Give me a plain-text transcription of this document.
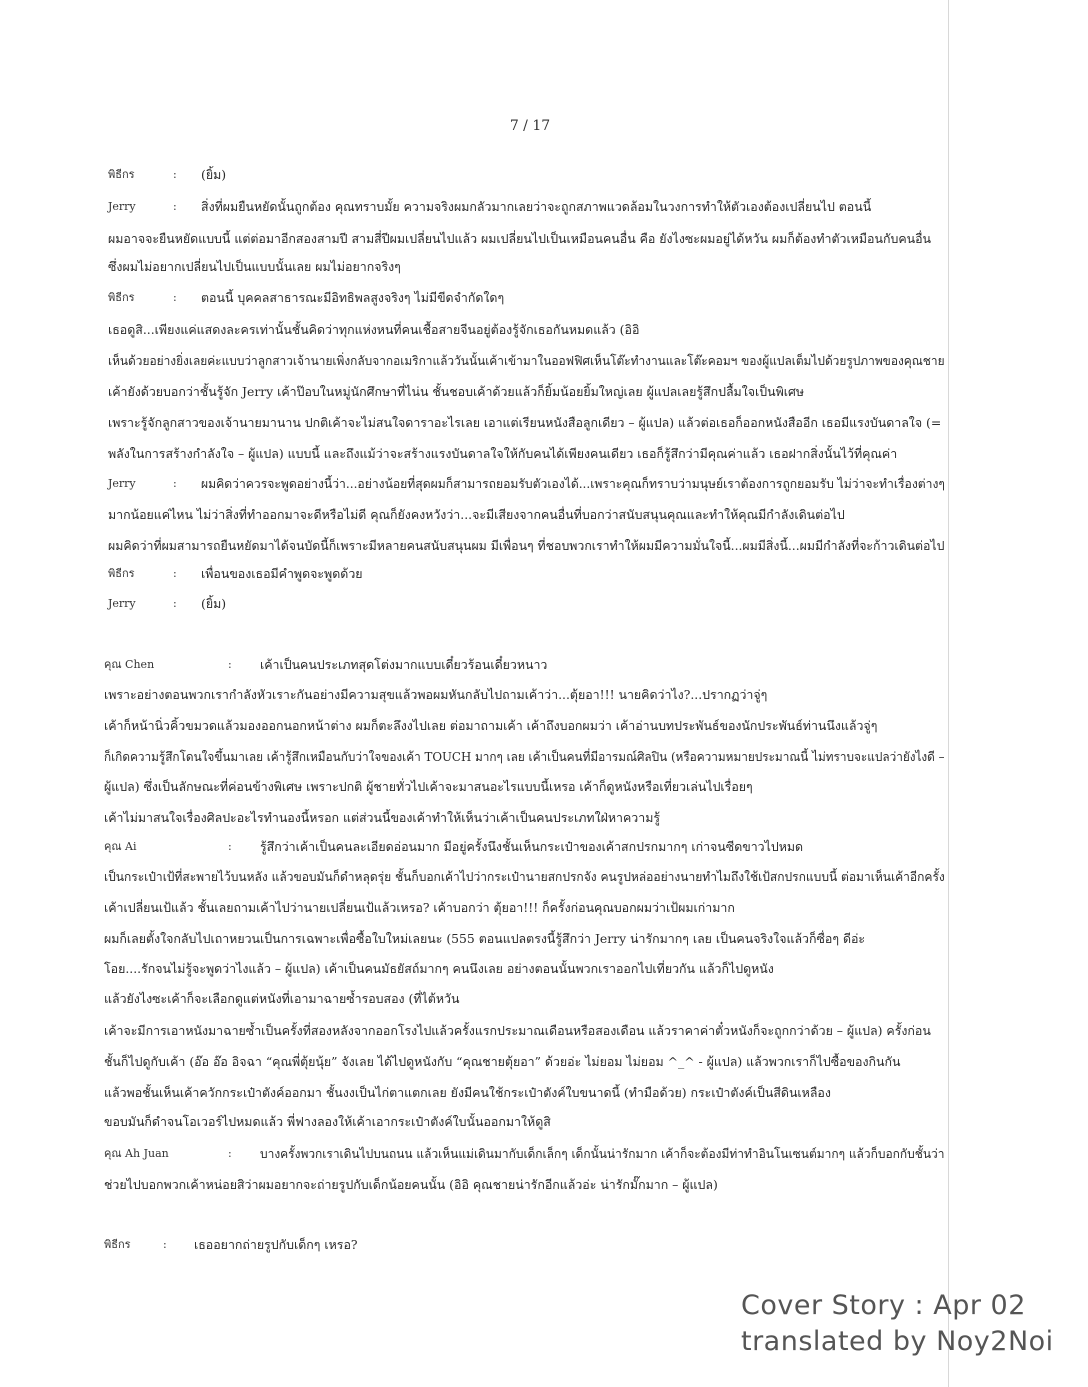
7 / 17
พิธีกร	: (ยิ้ม)
Jerry	: สิ่งที่ผมยืนหยัดนั้นถูกต้อง คุณทราบมั้ย ความจริงผมกลัวมากเลยว่าจะถูกสภาพแวดล้อมในวงการทำให้ตัวเองต้องเปลี่ยนไป ตอนนี้
ผมอาจจะยืนหยัดแบบนี้ แต่ต่อมาอีกสองสามปี สามสี่ปีผมเปลี่ยนไปแล้ว ผมเปลี่ยนไปเป็นเหมือนคนอื่น คือ ยังไงซะผมอยู่ได้หวัน ผมก็ต้องทำตัวเหมือนกับคนอื่น
ซึ่งผมไม่อยากเปลี่ยนไปเป็นแบบนั้นเลย ผมไม่อยากจริงๆ
พิธีกร	: ตอนนี้ บุคคลสาธารณะมีอิทธิพลสูงจริงๆ ไม่มีขีดจำกัดใดๆ
เธอดูสิ...เพียงแค่แสดงละครเท่านั้นชั้นคิดว่าทุกแห่งหนที่คนเชื้อสายจีนอยู่ต้องรู้จักเธอกันหมดแล้ว (อิอิ
เห็นด้วยอย่างยิ่งเลยค่ะแบบว่าลูกสาวเจ้านายเพิ่งกลับจากอเมริกาแล้ววันนั้นเค้าเข้ามาในออฟฟิศเห็นโต๊ะทำงานและโต๊ะคอมฯ ของผู้แปลเต็มไปด้วยรูปภาพของคุณชาย
เค้ายังด้วยบอกว่าชั้นรู้จัก Jerry เค้าป๊อบในหมู่นักศึกษาที่ไน่น ชั้นชอบเค้าด้วยแล้วก็ยิ้มน้อยยิ้มใหญ่เลย ผู้แปลเลยรู้สึกปลื้มใจเป็นพิเศษ
เพราะรู้จักลูกสาวของเจ้านายมานาน ปกติเค้าจะไม่สนใจดาราอะไรเลย เอาแต่เรียนหนังสือลูกเดียว – ผู้แปล) แล้วต่อเธอก็ออกหนังสืออีก เธอมีแรงบันดาลใจ (=
พลังในการสร้างกำลังใจ – ผู้แปล) แบบนี้ และถึงแม้ว่าจะสร้างแรงบันดาลใจให้กับคนได้เพียงคนเดียว เธอก็รู้สึกว่ามีคุณค่าแล้ว เธอฝากสิ่งนั้นไว้ที่คุณค่า
Jerry	: ผมคิดว่าควรจะพูดอย่างนี้ว่า...อย่างน้อยที่สุดผมก็สามารถยอมรับตัวเองได้...เพราะคุณก็ทราบว่ามนุษย์เราต้องการถูกยอมรับ ไม่ว่าจะทำเรื่องต่างๆ
มากน้อยแค่ไหน ไม่ว่าสิ่งที่ทำออกมาจะดีหรือไม่ดี คุณก็ยังคงหวังว่า...จะมีเสียงจากคนอื่นที่บอกว่าสนับสนุนคุณและทำให้คุณมีกำลังเดินต่อไป
ผมคิดว่าที่ผมสามารถยืนหยัดมาได้จนบัดนี้ก็เพราะมีหลายคนสนับสนุนผม มีเพื่อนๆ ที่ชอบพวกเราทำให้ผมมีความมั่นใจนี้...ผมมีสิ่งนี้...ผมมีกำลังที่จะก้าวเดินต่อไป
พิธีกร	: เพื่อนของเธอมีคำพูดจะพูดด้วย
Jerry	: (ยิ้ม)
คุณ Chen	: เค้าเป็นคนประเภทสุดโต่งมากแบบเดี๋ยวร้อนเดี๋ยวหนาว
เพราะอย่างตอนพวกเรากำลังหัวเราะกันอย่างมีความสุขแล้วพอผมหันกลับไปถามเค้าว่า...ตุ้ยอา!!! นายคิดว่าไง?...ปรากฏว่าจู่ๆ
เค้าก็หน้านิ่วคิ้วขมวดแล้วมองออกนอกหน้าต่าง ผมก็ตะลึงงไปเลย ต่อมาถามเค้า เค้าถึงบอกผมว่า เค้าอ่านบทประพันธ์ของนักประพันธ์ท่านนึงแล้วจู่ๆ
ก็เกิดความรู้สึกโดนใจขึ้นมาเลย เค้ารู้สึกเหมือนกับว่าใจของเค้า TOUCH มากๆ เลย เค้าเป็นคนที่มีอารมณ์ศิลปิน (หรือความหมายประมาณนี้ ไม่ทราบจะแปลว่ายังไงดี –
ผู้แปล) ซึ่งเป็นลักษณะที่ค่อนข้างพิเศษ เพราะปกติ ผู้ชายทั่วไปเค้าจะมาสนอะไรแบบนี้เหรอ เค้าก็ดูหนังหรือเที่ยวเล่นไปเรื่อยๆ
เค้าไม่มาสนใจเรื่องศิลปะอะไรทำนองนี้หรอก แต่ส่วนนี้ของเค้าทำให้เห็นว่าเค้าเป็นคนประเภทใฝ่หาความรู้
คุณ Ai	: รู้สึกว่าเค้าเป็นคนละเอียดอ่อนมาก มีอยู่ครั้งนึงชั้นเห็นกระเป๋าของเค้าสกปรกมากๆ เก่าจนซีดขาวไปหมด
เป็นกระเป๋าเป้ที่สะพายไว้บนหลัง แล้วขอบมันก็ดำหลุดรุ่ย ชั้นก็บอกเค้าไปว่ากระเป๋านายสกปรกจัง คนรูปหล่ออย่างนายทำไมถึงใช้เป้สกปรกแบบนี้ ต่อมาเห็นเค้าอีกครั้ง
เค้าเปลี่ยนเป้แล้ว ชั้นเลยถามเค้าไปว่านายเปลี่ยนเป้แล้วเหรอ? เค้าบอกว่า ตุ้ยอา!!! ก็ครั้งก่อนคุณบอกผมว่าเป้ผมเก่ามาก
ผมก็เลยตั้งใจกลับไปเถาหยวนเป็นการเฉพาะเพื่อซื้อใบใหม่เลยนะ (555 ตอนแปลตรงนี้รู้สึกว่า Jerry น่ารักมากๆ เลย เป็นคนจริงใจแล้วก็ซื่อๆ ดีอ่ะ
โอย....รักจนไม่รู้จะพูดว่าไงแล้ว – ผู้แปล) เค้าเป็นคนมัธยัสถ์มากๆ คนนึงเลย อย่างตอนนั้นพวกเราออกไปเที่ยวกัน แล้วก็ไปดูหนัง
แล้วยังไงซะเค้าก็จะเลือกดูแต่หนังที่เอามาฉายซ้ำรอบสอง (ที่ไต้หวัน
เค้าจะมีการเอาหนังมาฉายซ้ำเป็นครั้งที่สองหลังจากออกโรงไปแล้วครั้งแรกประมาณเดือนหรือสองเดือน แล้วราคาค่าตั๋วหนังก็จะถูกกว่าด้วย – ผู้แปล) ครั้งก่อน
ชั้นก็ไปดูกับเค้า (อ๊อ อ๊อ อิจฉา “คุณพี่ตุ้ยนุ้ย” จังเลย ได้ไปดูหนังกับ “คุณชายตุ้ยอา” ด้วยอ่ะ ไม่ยอม ไม่ยอม ^_^ - ผู้แปล) แล้วพวกเราก็ไปซื้อของกินกัน
แล้วพอชั้นเห็นเค้าควักกระเป๋าตังค์ออกมา ชั้นงงเป็นไก่ตาแตกเลย ยังมีคนใช้กระเป๋าตังค์ใบขนาดนี้ (ทำมือด้วย) กระเป๋าตังค์เป็นสีดินเหลือง
ขอบมันก็ดำจนโอเวอร์ไปหมดแล้ว พี่ฟางลองให้เค้าเอากระเป๋าตังค์ใบนั้นออกมาให้ดูสิ
คุณ Ah Juan	: บางครั้งพวกเราเดินไปบนถนน แล้วเห็นแม่เดินมากับเด็กเล็กๆ เด็กนั้นน่ารักมาก เค้าก็จะต้องมีท่าทำอินโนเซนต์มากๆ แล้วก็บอกกับชั้นว่า
ช่วยไปบอกพวกเค้าหน่อยสิว่าผมอยากจะถ่ายรูปกับเด็กน้อยคนนั้น (อิอิ คุณชายน่ารักอีกแล้วอ่ะ น่ารักมั๊กมาก – ผู้แปล)
พิธีกร	: เธออยากถ่ายรูปกับเด็กๆ เหรอ?
Cover Story : Apr 02
translated by Noy2Noi
